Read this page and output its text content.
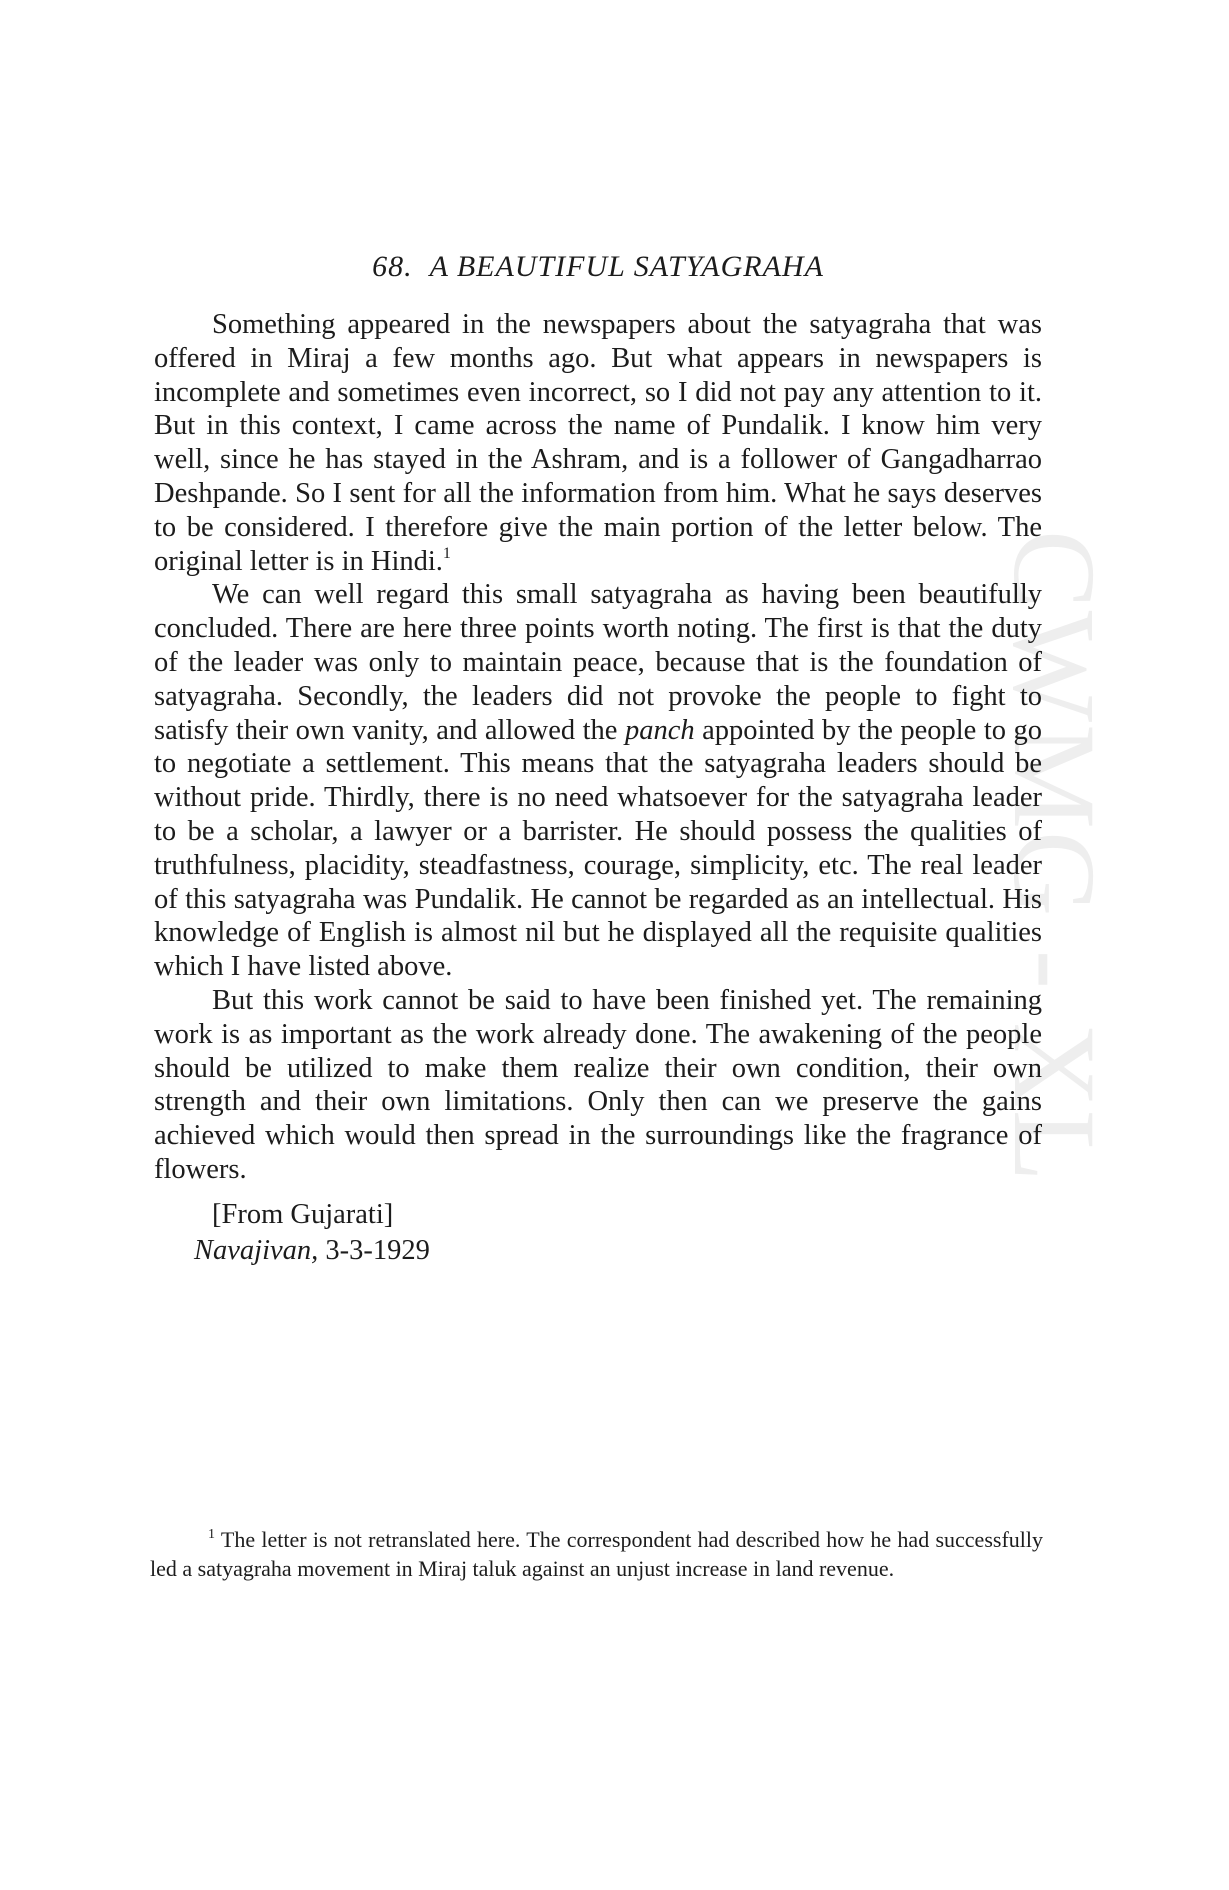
CWMG - XL
68. A BEAUTIFUL SATYAGRAHA

Something appeared in the newspapers about the satyagraha that was offered in Miraj a few months ago. But what appears in newspapers is incomplete and sometimes even incorrect, so I did not pay any attention to it. But in this context, I came across the name of Pundalik. I know him very well, since he has stayed in the Ashram, and is a follower of Gangadharrao Deshpande. So I sent for all the information from him. What he says deserves to be considered. I therefore give the main portion of the letter below. The original letter is in Hindi.$^1$

We can well regard this small satyagraha as having been beautifully concluded. There are here three points worth noting. The first is that the duty of the leader was only to maintain peace, because that is the foundation of satyagraha. Secondly, the leaders did not provoke the people to fight to satisfy their own vanity, and allowed the panch appointed by the people to go to negotiate a settlement. This means that the satyagraha leaders should be without pride. Thirdly, there is no need whatsoever for the satyagraha leader to be a scholar, a lawyer or a barrister. He should possess the qualities of truthfulness, placidity, steadfastness, courage, simplicity, etc. The real leader of this satyagraha was Pundalik. He cannot be regarded as an intellectual. His knowledge of English is almost nil but he displayed all the requisite qualities which I have listed above.

But this work cannot be said to have been finished yet. The remaining work is as important as the work already done. The awakening of the people should be utilized to make them realize their own condition, their own strength and their own limitations. Only then can we preserve the gains achieved which would then spread in the surroundings like the fragrance of flowers.

[From Gujarati]
Navajivan, 3-3-1929

$^1$ The letter is not retranslated here. The correspondent had described how he had successfully led a satyagraha movement in Miraj taluk against an unjust increase in land revenue.
